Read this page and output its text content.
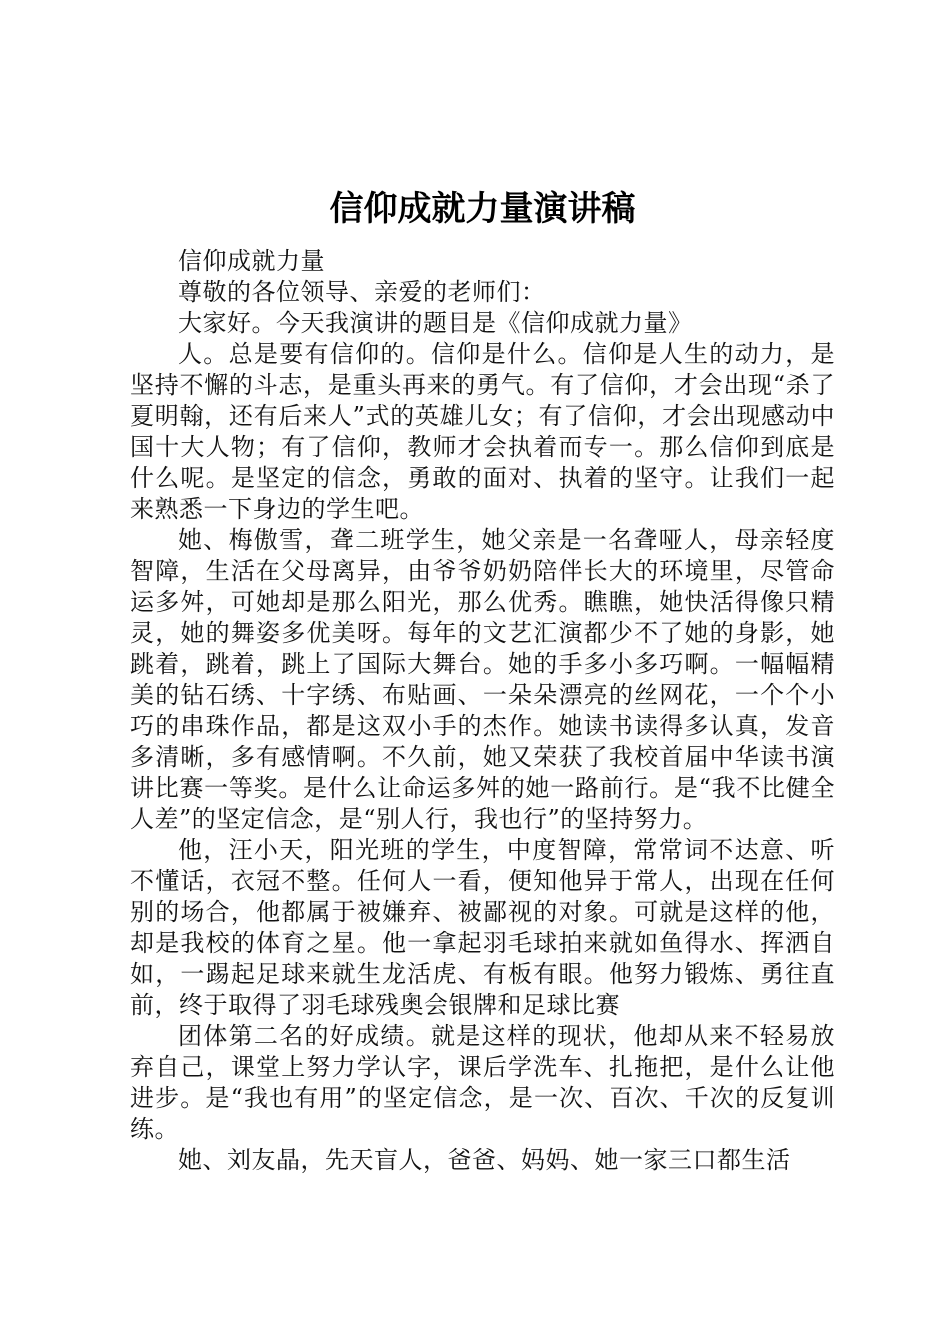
信仰成就力量演讲稿

信仰成就力量

尊敬的各位领导、亲爱的老师们：

大家好。今天我演讲的题目是《信仰成就力量》

人。总是要有信仰的。信仰是什么。信仰是人生的动力，是坚持不懈的斗志，是重头再来的勇气。有了信仰，才会出现“杀了夏明翰，还有后来人”式的英雄儿女；有了信仰，才会出现感动中国十大人物；有了信仰，教师才会执着而专一。那么信仰到底是什么呢。是坚定的信念，勇敢的面对、执着的坚守。让我们一起来熟悉一下身边的学生吧。

她、梅傲雪，聋二班学生，她父亲是一名聋哑人，母亲轻度智障，生活在父母离异，由爷爷奶奶陪伴长大的环境里，尽管命运多舛，可她却是那么阳光，那么优秀。瞧瞧，她快活得像只精灵，她的舞姿多优美呀。每年的文艺汇演都少不了她的身影，她跳着，跳着，跳上了国际大舞台。她的手多小多巧啊。一幅幅精美的钻石绣、十字绣、布贴画、一朵朵漂亮的丝网花，一个个小巧的串珠作品，都是这双小手的杰作。她读书读得多认真，发音多清晰，多有感情啊。不久前，她又荣获了我校首届中华读书演讲比赛一等奖。是什么让命运多舛的她一路前行。是“我不比健全人差”的坚定信念，是“别人行，我也行”的坚持努力。

他，汪小天，阳光班的学生，中度智障，常常词不达意、听不懂话，衣冠不整。任何人一看，便知他异于常人，出现在任何别的场合，他都属于被嫌弃、被鄙视的对象。可就是这样的他，却是我校的体育之星。他一拿起羽毛球拍来就如鱼得水、挥洒自如，一踢起足球来就生龙活虎、有板有眼。他努力锻炼、勇往直前，终于取得了羽毛球残奥会银牌和足球比赛

团体第二名的好成绩。就是这样的现状，他却从来不轻易放弃自己，课堂上努力学认字，课后学洗车、扎拖把，是什么让他进步。是“我也有用”的坚定信念，是一次、百次、千次的反复训练。

她、刘友晶，先天盲人，爸爸、妈妈、她一家三口都生活
